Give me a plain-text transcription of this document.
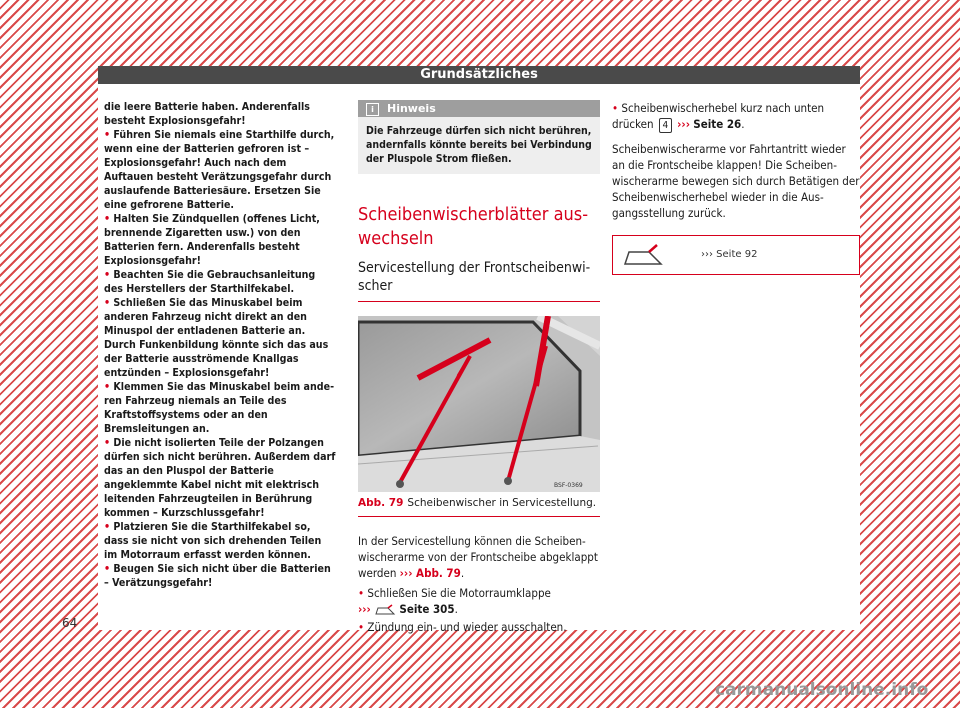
Grundsätzliches
die leere Batterie haben. Anderenfalls besteht Explosionsgefahr!
• Führen Sie niemals eine Starthilfe durch, wenn eine der Batterien gefroren ist – Explosionsgefahr! Auch nach dem Auftauen besteht Verätzungsgefahr durch auslaufende Batteriesäure. Ersetzen Sie eine gefrorene Batterie.
• Halten Sie Zündquellen (offenes Licht, brennende Zigaretten usw.) von den Batterien fern. Anderenfalls besteht Explosionsgefahr!
• Beachten Sie die Gebrauchsanleitung des Herstellers der Starthilfekabel.
• Schließen Sie das Minuskabel beim anderen Fahrzeug nicht direkt an den Minuspol der entladenen Batterie an. Durch Funkenbildung könnte sich das aus der Batterie ausströmende Knallgas entzünden – Explosionsgefahr!
• Klemmen Sie das Minuskabel beim anderen Fahrzeug niemals an Teile des Kraftstoffsystems oder an den Bremsleitungen an.
• Die nicht isolierten Teile der Polzangen dürfen sich nicht berühren. Außerdem darf das an den Pluspol der Batterie angeklemmte Kabel nicht mit elektrisch leitenden Fahrzeugteilen in Berührung kommen – Kurzschlussgefahr!
• Platzieren Sie die Starthilfekabel so, dass sie nicht von sich drehenden Teilen im Motorraum erfasst werden können.
• Beugen Sie sich nicht über die Batterien – Verätzungsgefahr!
i Hinweis
Die Fahrzeuge dürfen sich nicht berühren, andernfalls könnte bereits bei Verbindung der Pluspole Strom fließen.
Scheibenwischerblätter auswechseln
Servicestellung der Frontscheibenwischer
BSF-0369
Abb. 79 Scheibenwischer in Servicestellung.
In der Servicestellung können die Scheibenwischerarme von der Frontscheibe abgeklappt werden ››› Abb. 79.
• Schließen Sie die Motorraumklappe
››› Seite 305.
• Zündung ein- und wieder ausschalten.
• Scheibenwischerhebel kurz nach unten drücken 4 ››› Seite 26.
Scheibenwischerarme vor Fahrtantritt wieder an die Frontscheibe klappen! Die Scheibenwischerarme bewegen sich durch Betätigen der Scheibenwischerhebel wieder in die Ausgangsstellung zurück.
››› Seite 92
64
carmanualsonline.info
